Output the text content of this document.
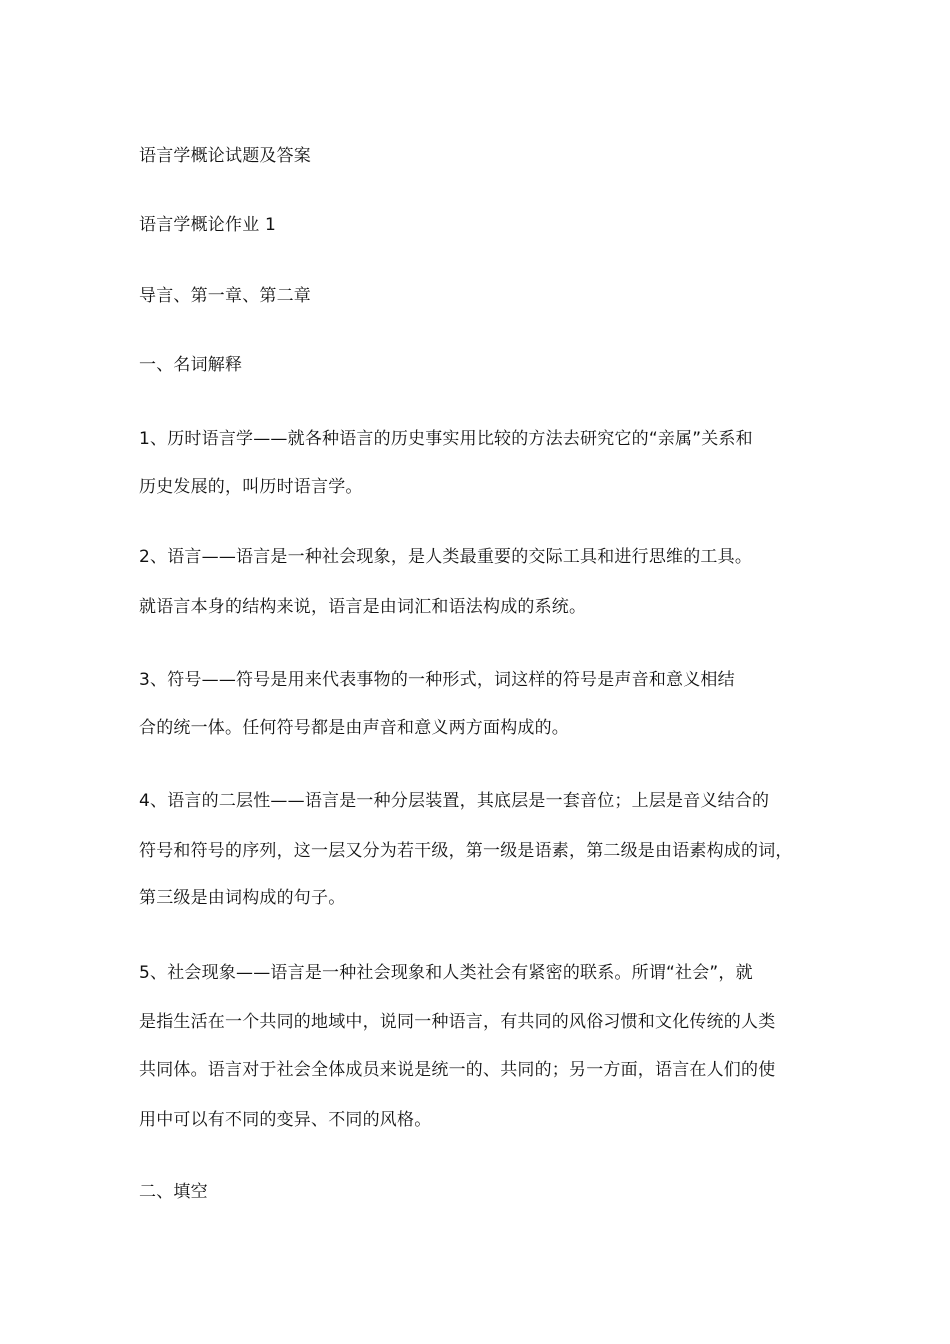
语言学概论试题及答案
语言学概论作业 1
导言、第一章、第二章
一、名词解释
1、历时语言学——就各种语言的历史事实用比较的方法去研究它的“亲属”关系和
历史发展的，叫历时语言学。
2、语言——语言是一种社会现象，是人类最重要的交际工具和进行思维的工具。
就语言本身的结构来说，语言是由词汇和语法构成的系统。
3、符号——符号是用来代表事物的一种形式，词这样的符号是声音和意义相结
合的统一体。任何符号都是由声音和意义两方面构成的。
4、语言的二层性——语言是一种分层装置，其底层是一套音位；上层是音义结合的
符号和符号的序列，这一层又分为若干级，第一级是语素，第二级是由语素构成的词，
第三级是由词构成的句子。
5、社会现象——语言是一种社会现象和人类社会有紧密的联系。所谓“社会”，就
是指生活在一个共同的地域中，说同一种语言，有共同的风俗习惯和文化传统的人类
共同体。语言对于社会全体成员来说是统一的、共同的；另一方面，语言在人们的使
用中可以有不同的变异、不同的风格。
二、填空
